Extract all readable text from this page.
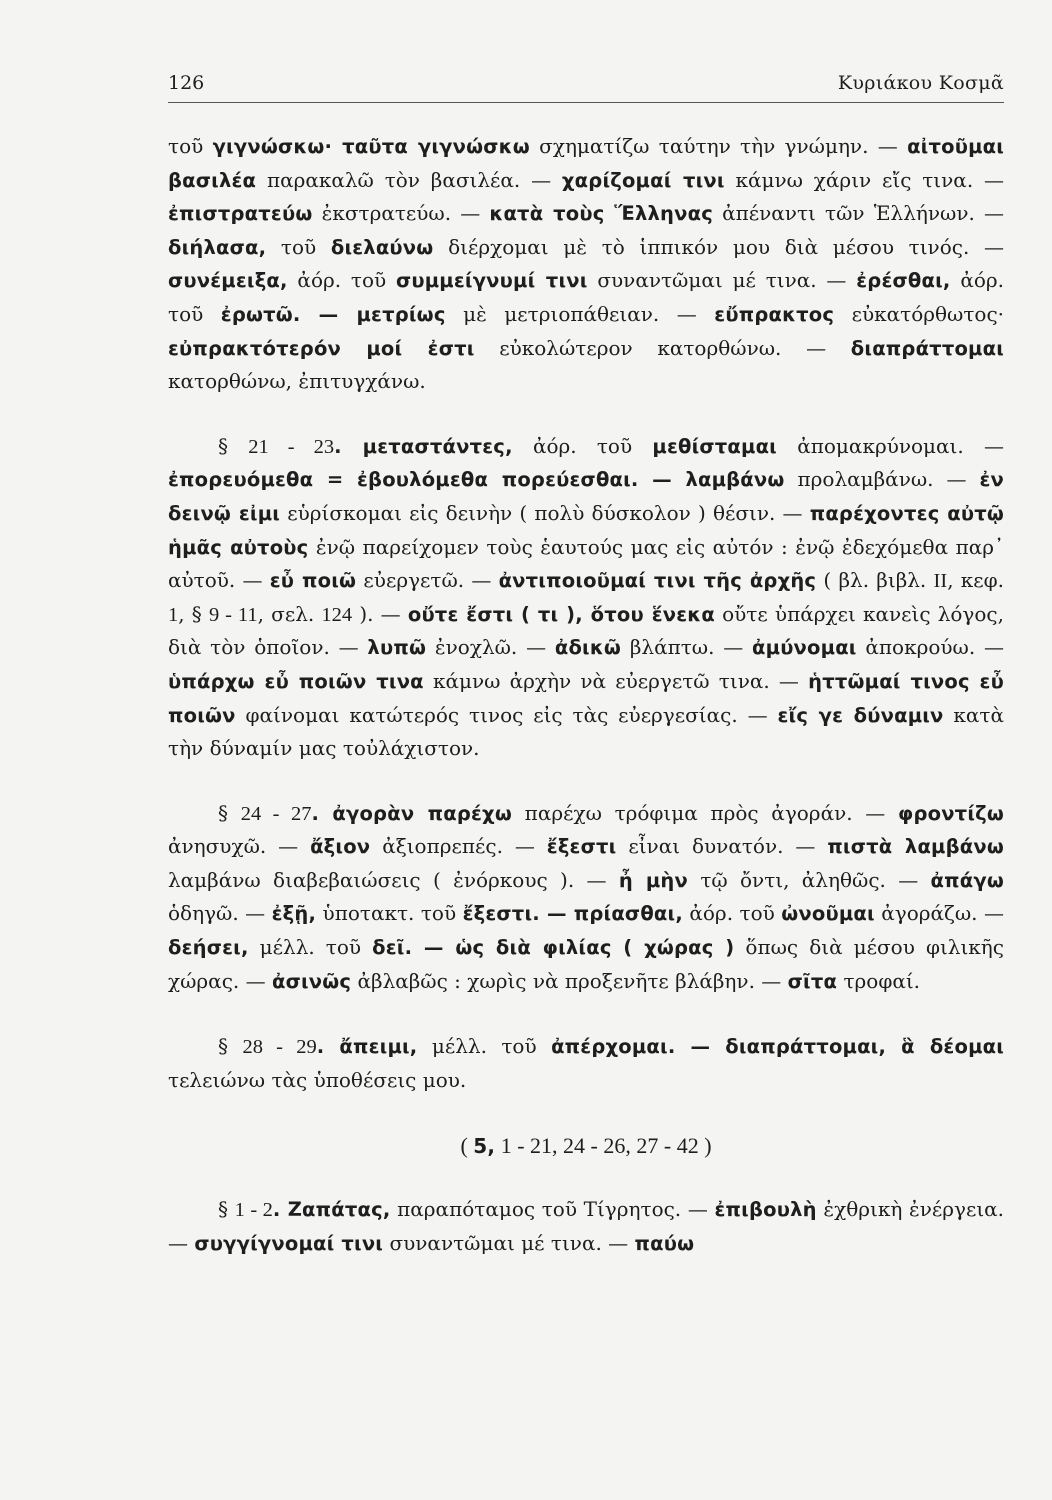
126	Κυριάκου Κοσμᾶ

τοῦ γιγνώσκω· ταῦτα γιγνώσκω σχηματίζω ταύτην τὴν γνώμην. — αἰτοῦμαι βασιλέα παρακαλῶ τὸν βασιλέα. — χαρίζομαί τινι κάμνω χάριν εἴς τινα. — ἐπιστρατεύω ἐκστρατεύω. — κατὰ τοὺς Ἕλληνας ἀπέναντι τῶν Ἑλλήνων. — διήλασα, τοῦ διελαύνω διέρχομαι μὲ τὸ ἱππικόν μου διὰ μέσου τινός. — συνέμειξα, ἀόρ. τοῦ συμμείγνυμί τινι συναντῶμαι μέ τινα. — ἐρέσθαι, ἀόρ. τοῦ ἐρωτῶ. — μετρίως μὲ μετριοπάθειαν. — εὔπρακτος εὐκατόρθωτος· εὐπρακτότερόν μοί ἐστι εὐκολώτερον κατορθώνω. — διαπράττομαι κατορθώνω, ἐπιτυγχάνω.

§ 21 - 23. μεταστάντες, ἀόρ. τοῦ μεθίσταμαι ἀπομακρύνομαι. — ἐπορευόμεθα = ἐβουλόμεθα πορεύεσθαι. — λαμβάνω προλαμβάνω. — ἐν δεινῷ εἰμι εὑρίσκομαι εἰς δεινὴν ( πολὺ δύσκολον ) θέσιν. — παρέχοντες αὐτῷ ἡμᾶς αὐτοὺς ἐνῷ παρείχομεν τοὺς ἑαυτούς μας εἰς αὐτόν : ἐνῷ ἐδεχόμεθα παρ᾽ αὐτοῦ. — εὖ ποιῶ εὐεργετῶ. — ἀντιποιοῦμαί τινι τῆς ἀρχῆς ( βλ. βιβλ. II, κεφ. 1, § 9 - 11, σελ. 124 ). — οὔτε ἔστι ( τι ), ὅτου ἕνεκα οὔτε ὑπάρχει κανεὶς λόγος, διὰ τὸν ὁποῖον. — λυπῶ ἐνοχλῶ. — ἀδικῶ βλάπτω. — ἀμύνομαι ἀποκρούω. — ὑπάρχω εὖ ποιῶν τινα κάμνω ἀρχὴν νὰ εὐεργετῶ τινα. — ἡττῶμαί τινος εὖ ποιῶν φαίνομαι κατώτερός τινος εἰς τὰς εὐεργεσίας. — εἴς γε δύναμιν κατὰ τὴν δύναμίν μας τοὐλάχιστον.

§ 24 - 27. ἀγορὰν παρέχω παρέχω τρόφιμα πρὸς ἀγοράν. — φροντίζω ἀνησυχῶ. — ἄξιον ἀξιοπρεπές. — ἔξεστι εἶναι δυνατόν. — πιστὰ λαμβάνω λαμβάνω διαβεβαιώσεις ( ἐνόρκους ). — ἦ μὴν τῷ ὄντι, ἀληθῶς. — ἀπάγω ὁδηγῶ. — ἐξῇ, ὑποτακτ. τοῦ ἔξεστι. — πρίασθαι, ἀόρ. τοῦ ὠνοῦμαι ἀγοράζω. — δεήσει, μέλλ. τοῦ δεῖ. — ὡς διὰ φιλίας ( χώρας ) ὅπως διὰ μέσου φιλικῆς χώρας. — ἀσινῶς ἀβλαβῶς : χωρὶς νὰ προξενῆτε βλάβην. — σῖτα τροφαί.

§ 28 - 29. ἄπειμι, μέλλ. τοῦ ἀπέρχομαι. — διαπράττομαι, ἃ δέομαι τελειώνω τὰς ὑποθέσεις μου.

( 5, 1 - 21, 24 - 26, 27 - 42 )

§ 1 - 2. Ζαπάτας, παραπόταμος τοῦ Τίγρητος. — ἐπιβουλὴ ἐχθρικὴ ἐνέργεια. — συγγίγνομαί τινι συναντῶμαι μέ τινα. — παύω
